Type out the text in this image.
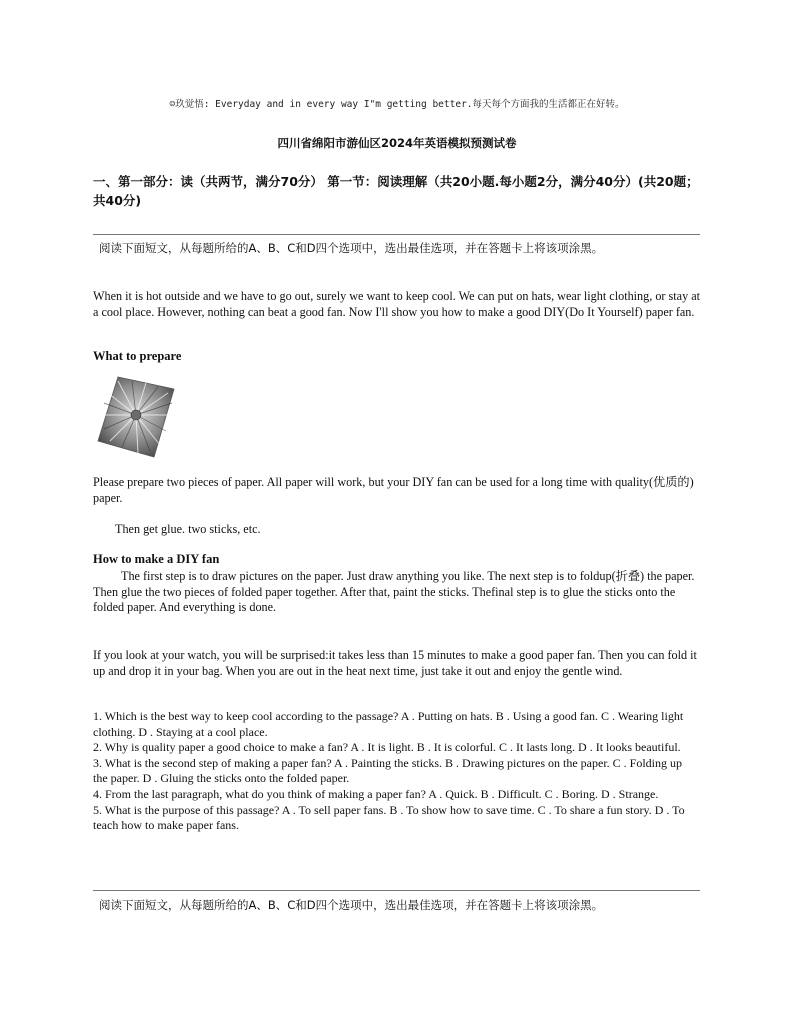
☺玖觉悟: Everyday and in every way I"m getting better.每天每个方面我的生活都正在好转。
四川省绵阳市游仙区2024年英语模拟预测试卷
一、第一部分：读（共两节，满分70分） 第一节：阅读理解（共20小题.每小题2分，满分40分）(共20题；共40分)
阅读下面短文，从每题所给的A、B、C和D四个选项中，选出最佳选项，并在答题卡上将该项涂黑。
When it is hot outside and we have to go out, surely we want to keep cool. We can put on hats, wear light clothing, or stay at a cool place. However, nothing can beat a good fan. Now I'll show you how to make a good DIY(Do It Yourself) paper fan.
What to prepare
Please prepare two pieces of paper. All paper will work, but your DIY fan can be used for a long time with quality(优质的) paper.
Then get glue. two sticks, etc.
How to make a DIY fan
The first step is to draw pictures on the paper. Just draw anything you like. The next step is to foldup(折叠) the paper. Then glue the two pieces of folded paper together. After that, paint the sticks. Thefinal step is to glue the sticks onto the folded paper. And everything is done.
If you look at your watch, you will be surprised:it takes less than 15 minutes to make a good paper fan. Then you can fold it up and drop it in your bag. When you are out in the heat next time, just take it out and enjoy the gentle wind.
1. Which is the best way to keep cool according to the passage? A . Putting on hats. B . Using a good fan. C . Wearing light clothing. D . Staying at a cool place.
2. Why is quality paper a good choice to make a fan? A . It is light. B . It is colorful. C . It lasts long. D . It looks beautiful.
3. What is the second step of making a paper fan? A . Painting the sticks. B . Drawing pictures on the paper. C . Folding up the paper. D . Gluing the sticks onto the folded paper.
4. From the last paragraph, what do you think of making a paper fan? A . Quick. B . Difficult. C . Boring. D . Strange.
5. What is the purpose of this passage? A . To sell paper fans. B . To show how to save time. C . To share a fun story. D . To teach how to make paper fans.
阅读下面短文，从每题所给的A、B、C和D四个选项中，选出最佳选项，并在答题卡上将该项涂黑。
